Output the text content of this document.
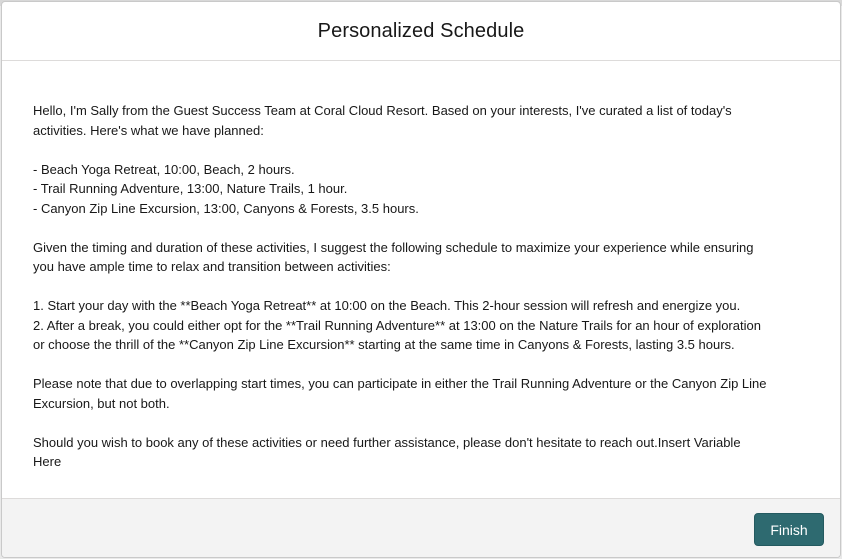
Personalized Schedule

Hello, I'm Sally from the Guest Success Team at Coral Cloud Resort. Based on your interests, I've curated a list of today's

activities. Here's what we have planned:

- Beach Yoga Retreat, 10:00, Beach, 2 hours.

- Trail Running Adventure, 13:00, Nature Trails, 1 hour.

- Canyon Zip Line Excursion, 13:00, Canyons & Forests, 3.5 hours.

Given the timing and duration of these activities, I suggest the following schedule to maximize your experience while ensuring

you have ample time to relax and transition between activities:

1. Start your day with the **Beach Yoga Retreat** at 10:00 on the Beach. This 2-hour session will refresh and energize you.

2. After a break, you could either opt for the **Trail Running Adventure** at 13:00 on the Nature Trails for an hour of exploration

or choose the thrill of the **Canyon Zip Line Excursion** starting at the same time in Canyons & Forests, lasting 3.5 hours.

Please note that due to overlapping start times, you can participate in either the Trail Running Adventure or the Canyon Zip Line

Excursion, but not both.

Should you wish to book any of these activities or need further assistance, please don't hesitate to reach out.Insert Variable

Here

Finish
